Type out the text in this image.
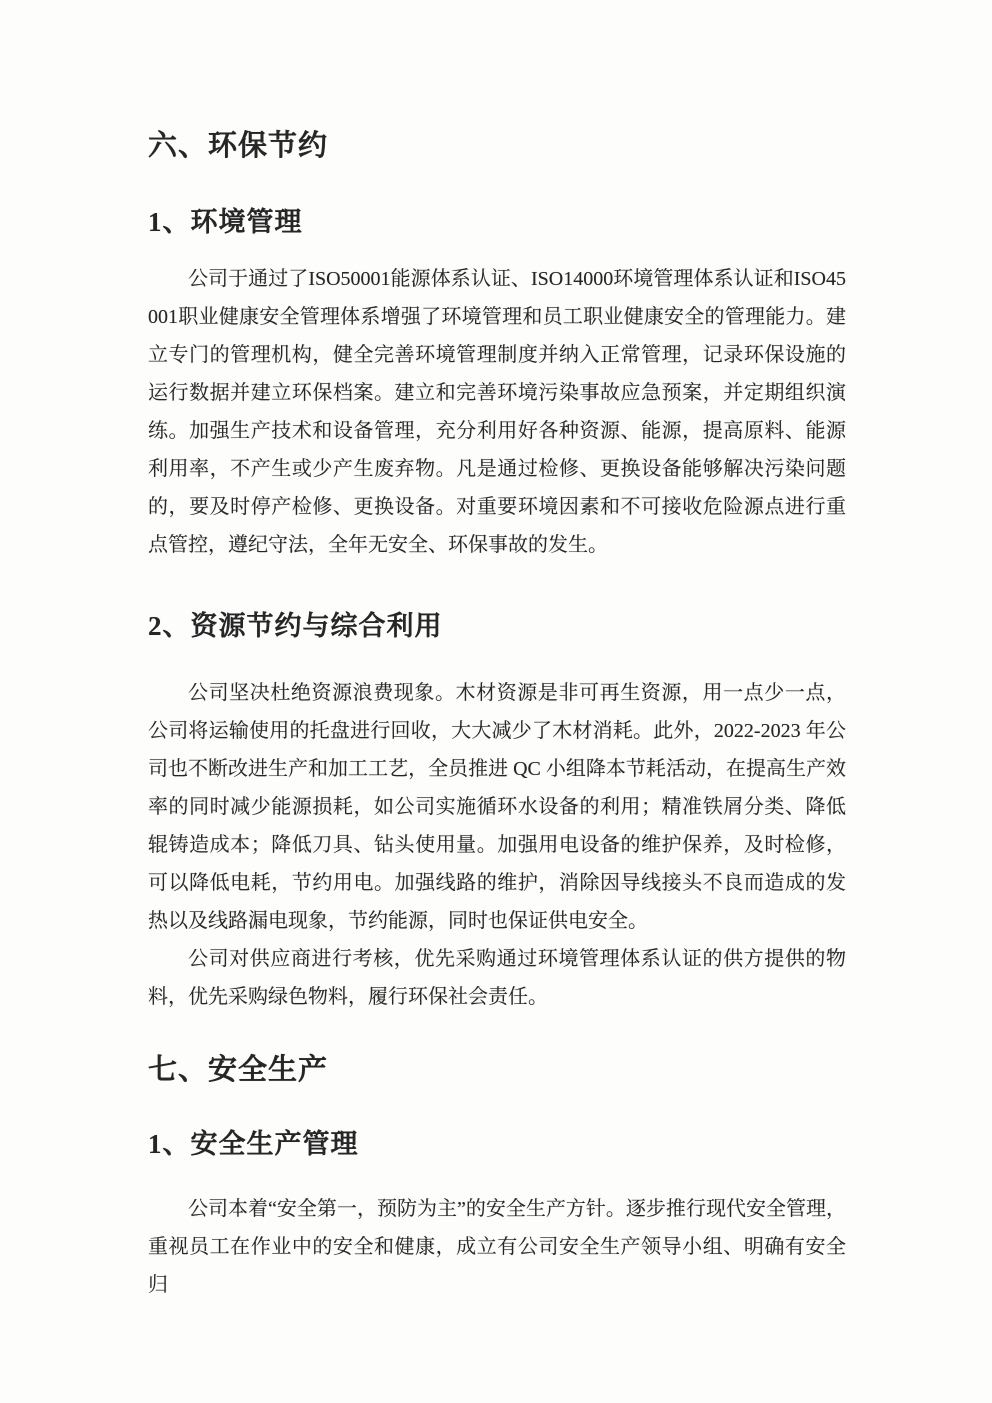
六、环保节约
1、环境管理

公司于通过了ISO50001能源体系认证、ISO14000环境管理体系认证和ISO45001职业健康安全管理体系增强了环境管理和员工职业健康安全的管理能力。建立专门的管理机构，健全完善环境管理制度并纳入正常管理，记录环保设施的运行数据并建立环保档案。建立和完善环境污染事故应急预案，并定期组织演练。加强生产技术和设备管理，充分利用好各种资源、能源，提高原料、能源利用率，不产生或少产生废弃物。凡是通过检修、更换设备能够解决污染问题的，要及时停产检修、更换设备。对重要环境因素和不可接收危险源点进行重点管控，遵纪守法，全年无安全、环保事故的发生。

2、资源节约与综合利用

公司坚决杜绝资源浪费现象。木材资源是非可再生资源，用一点少一点，公司将运输使用的托盘进行回收，大大减少了木材消耗。此外，2022-2023 年公司也不断改进生产和加工工艺，全员推进 QC 小组降本节耗活动，在提高生产效率的同时减少能源损耗，如公司实施循环水设备的利用；精准铁屑分类、降低辊铸造成本；降低刀具、钻头使用量。加强用电设备的维护保养，及时检修，可以降低电耗，节约用电。加强线路的维护，消除因导线接头不良而造成的发热以及线路漏电现象，节约能源，同时也保证供电安全。

公司对供应商进行考核，优先采购通过环境管理体系认证的供方提供的物料，优先采购绿色物料，履行环保社会责任。

七、安全生产
1、安全生产管理

公司本着“安全第一，预防为主”的安全生产方针。逐步推行现代安全管理，重视员工在作业中的安全和健康，成立有公司安全生产领导小组、明确有安全归
